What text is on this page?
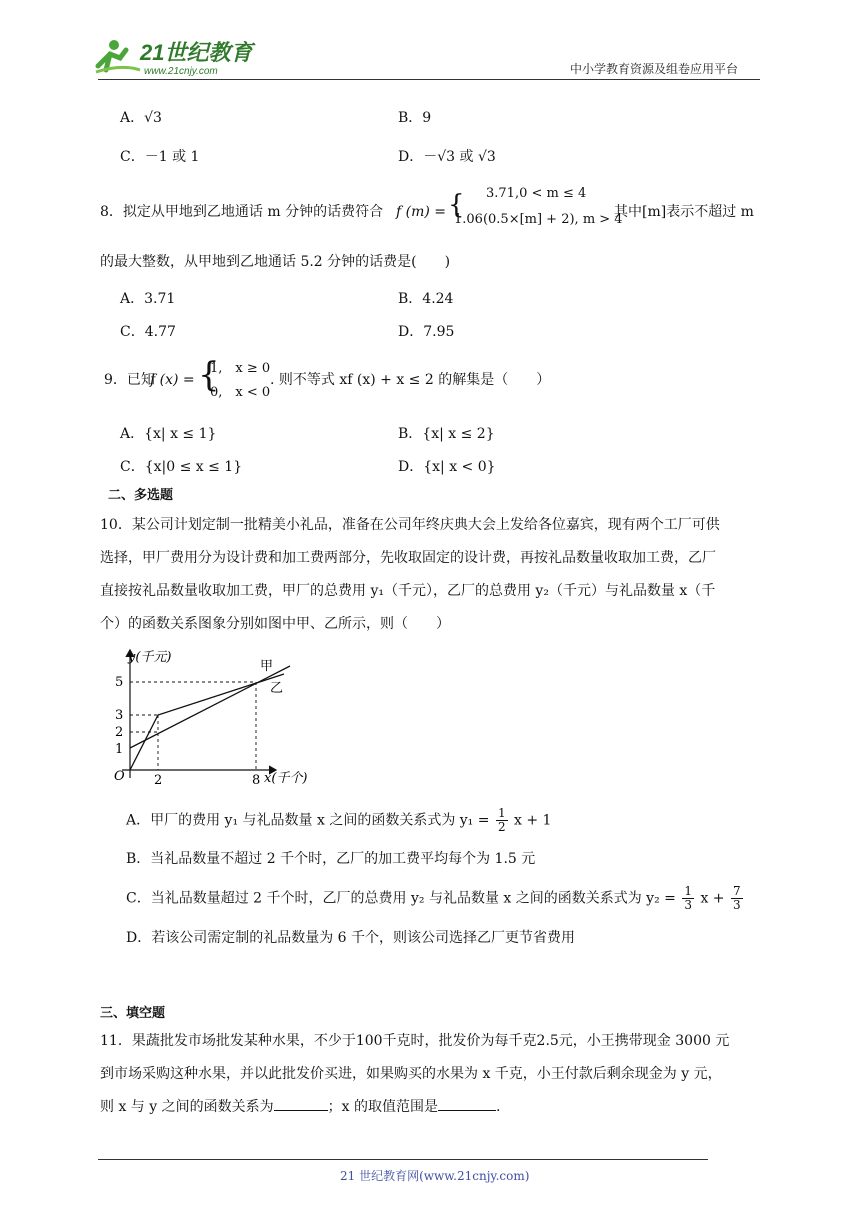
21世纪教育
www.21cnjy.com	中小学教育资源及组卷应用平台
A．√3	B．9
C．－1 或 1	D．－√3 或 √3
8．拟定从甲地到乙地通话 m 分钟的话费符合 f (m) = { 3.71,0 < m ≤ 4
1.06(0.5×[m] + 2), m > 4
其中[m]表示不超过 m
的最大整数，从甲地到乙地通话 5.2 分钟的话费是(　　)
A．3.71	B．4.24
C．4.77	D．7.95
9．已知
f (x) = {
1,　x ≥ 0
0,　x < 0
. 则不等式 xf (x) + x ≤ 2 的解集是（　　）
A．{x| x ≤ 1}	B．{x| x ≤ 2}
C．{x|0 ≤ x ≤ 1}	D．{x| x < 0}
二、多选题
10．某公司计划定制一批精美小礼品，准备在公司年终庆典大会上发给各位嘉宾，现有两个工厂可供
选择，甲厂费用分为设计费和加工费两部分，先收取固定的设计费，再按礼品数量收取加工费，乙厂
直接按礼品数量收取加工费，甲厂的总费用 y₁（千元），乙厂的总费用 y₂（千元）与礼品数量 x（千
个）的函数关系图象分别如图中甲、乙所示，则（　　）
y(千元)
x(千个)
O
1
2
3
5
2	8
甲
乙
A．甲厂的费用 y₁ 与礼品数量 x 之间的函数关系式为 $y_1 = \frac{1}{2}$ x + 1
B．当礼品数量不超过 2 千个时，乙厂的加工费平均每个为 1.5 元
C．当礼品数量超过 2 千个时，乙厂的总费用 y₂ 与礼品数量 x 之间的函数关系式为 $y_2 = \frac{1}{3}$ $x + \frac{7}{3}$
D．若该公司需定制的礼品数量为 6 千个，则该公司选择乙厂更节省费用
三、填空题
11．果蔬批发市场批发某种水果，不少于100千克时，批发价为每千克2.5元，小王携带现金 3000 元
到市场采购这种水果，并以此批发价买进，如果购买的水果为 x 千克，小王付款后剩余现金为 y 元，
则 x 与 y 之间的函数关系为	；x 的取值范围是	.
21 世纪教育网(www.21cnjy.com)
